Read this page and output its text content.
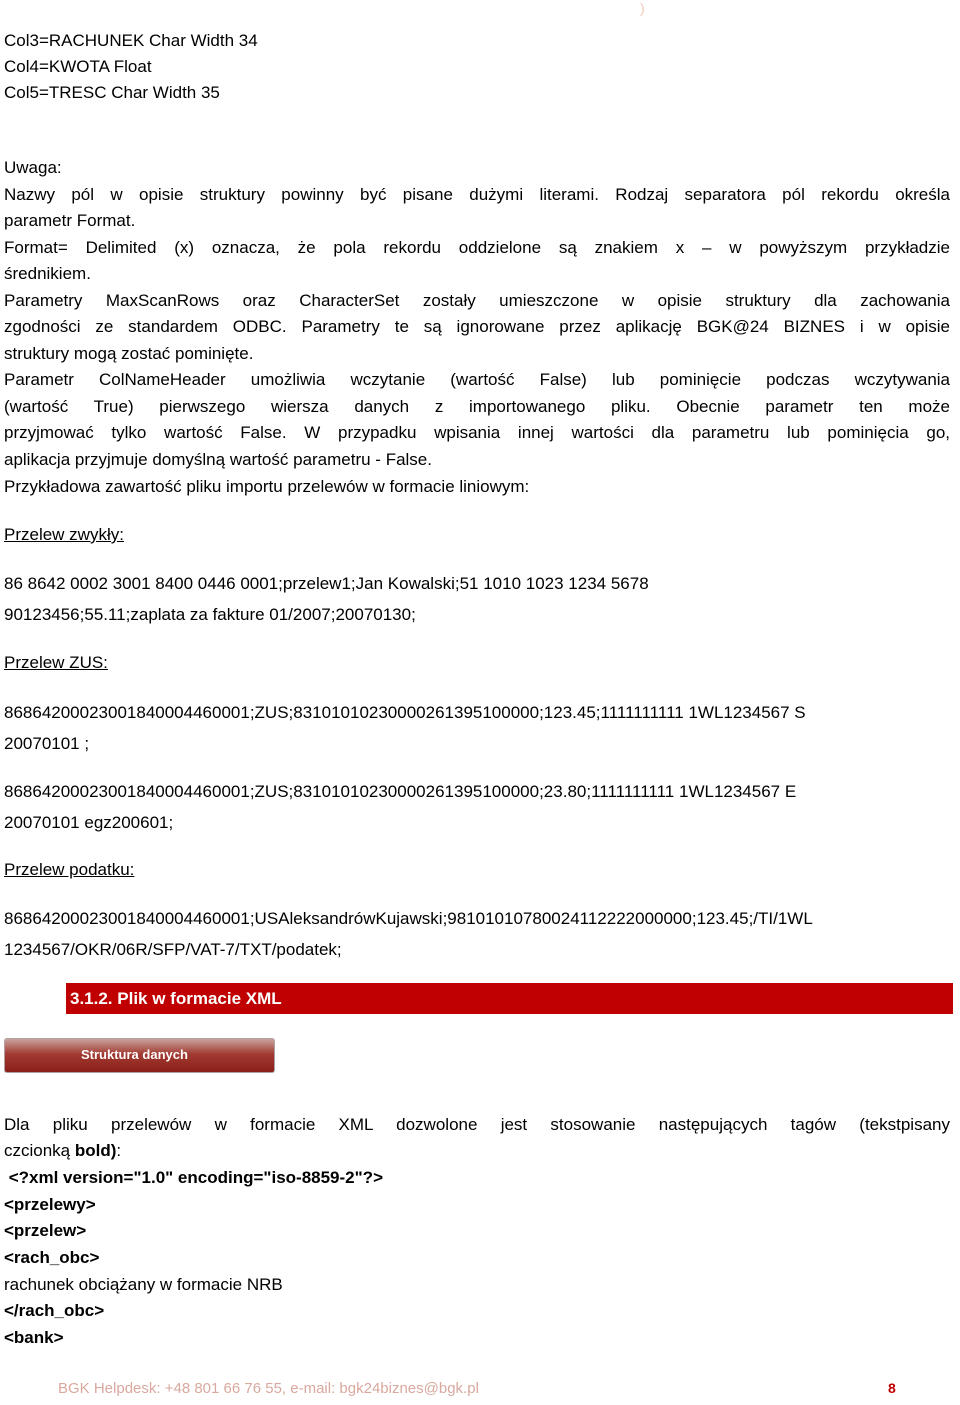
)
Col3=RACHUNEK Char Width 34
Col4=KWOTA Float
Col5=TRESC Char Width 35
Uwaga:
Nazwy pól w opisie struktury powinny być pisane dużymi literami. Rodzaj separatora pól rekordu określa
parametr Format.
Format= Delimited (x) oznacza, że pola rekordu oddzielone są znakiem x – w powyższym przykładzie
średnikiem.
Parametry MaxScanRows oraz CharacterSet zostały umieszczone w opisie struktury dla zachowania
zgodności ze standardem ODBC. Parametry te są ignorowane przez aplikację BGK@24 BIZNES i w opisie
struktury mogą zostać pominięte.
Parametr ColNameHeader umożliwia wczytanie (wartość False) lub pominięcie podczas wczytywania
(wartość True) pierwszego wiersza danych z importowanego pliku. Obecnie parametr ten może
przyjmować tylko wartość False. W przypadku wpisania innej wartości dla parametru lub pominięcia go,
aplikacja przyjmuje domyślną wartość parametru - False.
Przykładowa zawartość pliku importu przelewów w formacie liniowym:
Przelew zwykły:
86 8642 0002 3001 8400 0446 0001;przelew1;Jan Kowalski;51 1010 1023 1234 5678
90123456;55.11;zaplata za fakture 01/2007;20070130;
Przelew ZUS:
86864200023001840004460001;ZUS;83101010230000261395100000;123.45;1111111111 1WL1234567 S
20070101 ;
86864200023001840004460001;ZUS;83101010230000261395100000;23.80;1111111111 1WL1234567 E
20070101 egz200601;
Przelew podatku:
86864200023001840004460001;USAleksandrówKujawski;98101010780024112222000000;123.45;/TI/1WL
1234567/OKR/06R/SFP/VAT-7/TXT/podatek;
3.1.2. Plik w formacie XML
Struktura danych
Dla pliku przelewów w formacie XML dozwolone jest stosowanie następujących tagów (tekstpisany
czcionką bold):
<?xml version="1.0" encoding="iso-8859-2"?>
<przelewy>
<przelew>
<rach_obc>
rachunek obciążany w formacie NRB
</rach_obc>
<bank>
BGK Helpdesk: +48 801 66 76 55, e-mail: bgk24biznes@bgk.pl	8
